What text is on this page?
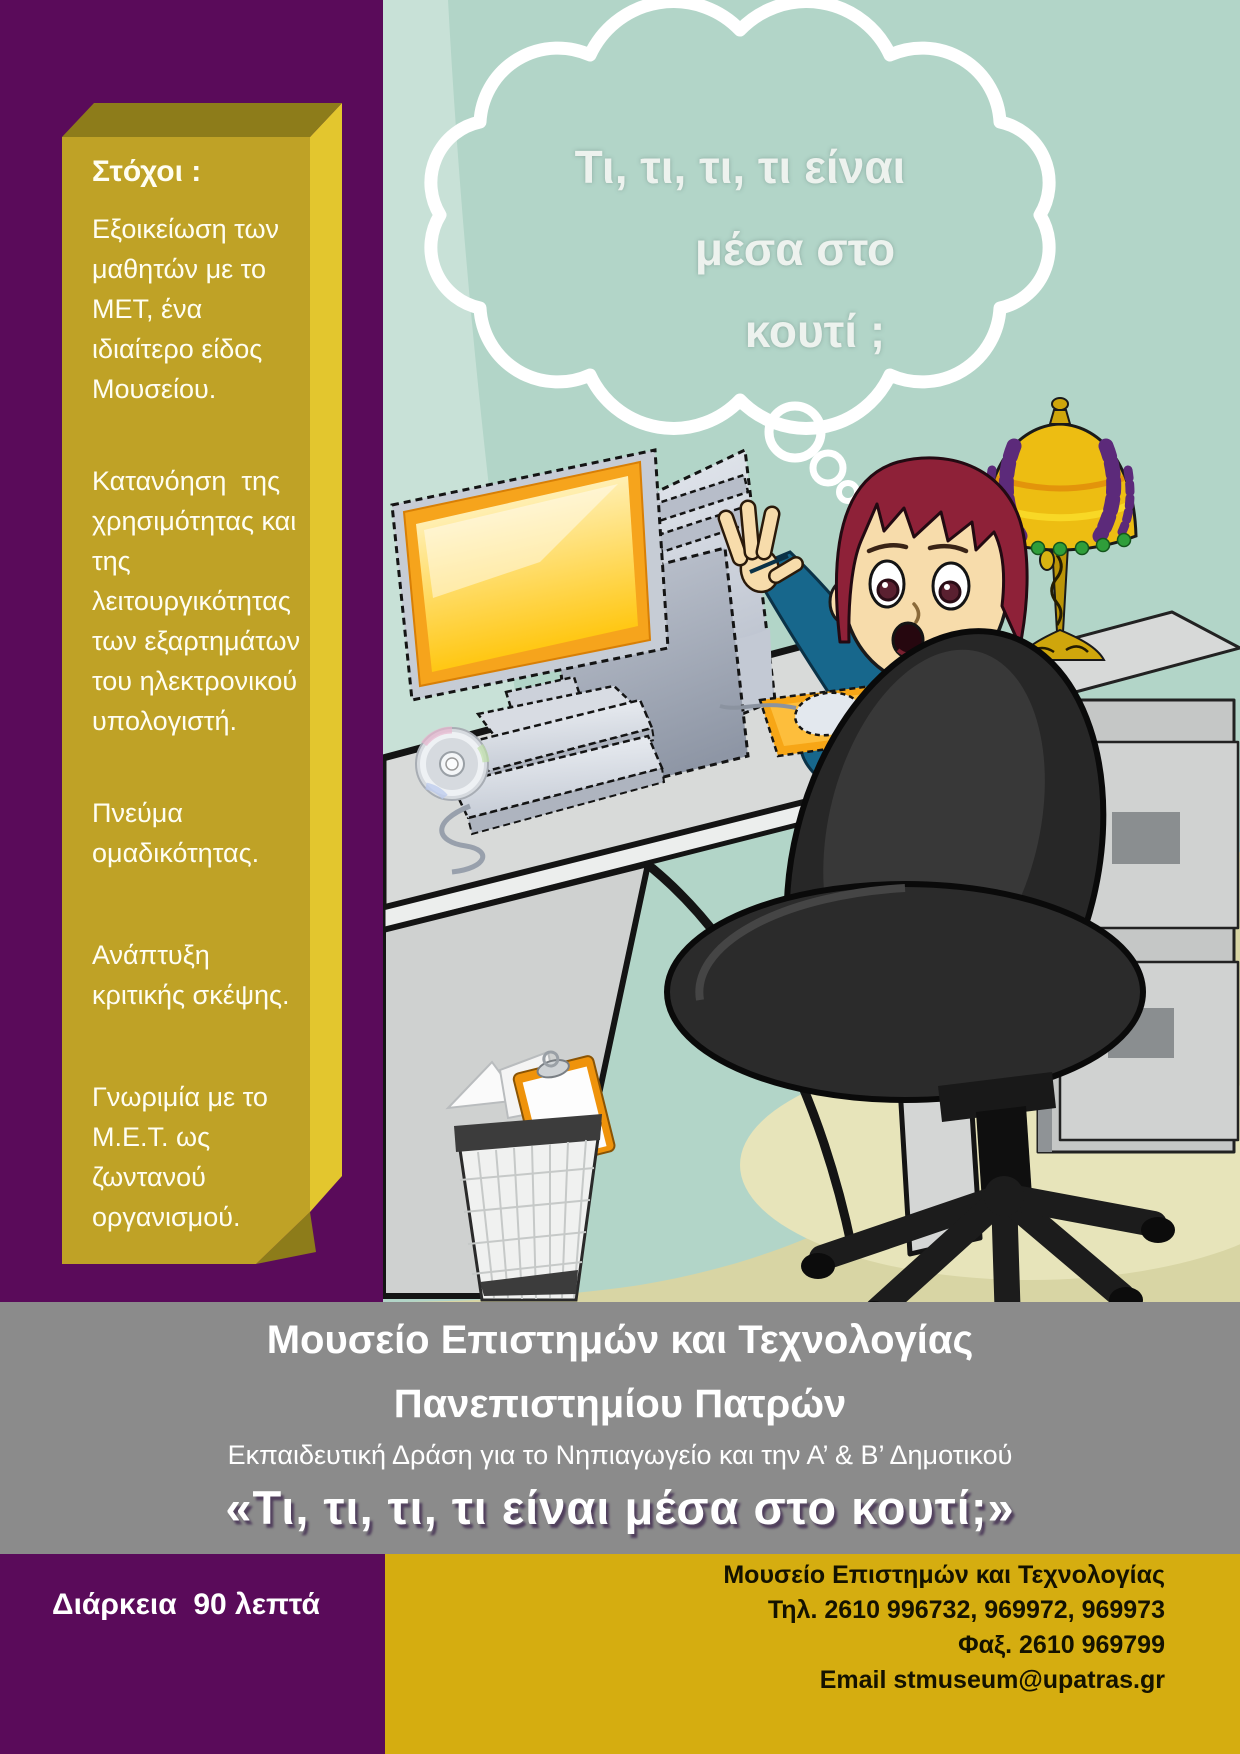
Στόχοι :

Εξοικείωση των μαθητών με το ΜΕΤ, ένα ιδιαίτερο είδος Μουσείου.
Κατανόηση  της χρησιμότητας και της λειτουργικότητας των εξαρτημάτων του ηλεκτρονικού υπολογιστή.
Πνεύμα ομαδικότητας.
Ανάπτυξη κριτικής σκέψης.
Γνωριμία με το Μ.Ε.Τ. ως ζωντανού οργανισμού.
Τι, τι, τι, τι είναι
μέσα στο
κουτί ;
Μουσείο Επιστημών και Τεχνολογίας
Πανεπιστημίου Πατρών
Εκπαιδευτική Δράση για το Νηπιαγωγείο και την Α’ & Β’ Δημοτικού
«Τι, τι, τι, τι είναι μέσα στο κουτί;»
Διάρκεια  90 λεπτά
Μουσείο Επιστημών και Τεχνολογίας
Τηλ. 2610 996732, 969972, 969973
Φαξ. 2610 969799
Email stmuseum@upatras.gr
